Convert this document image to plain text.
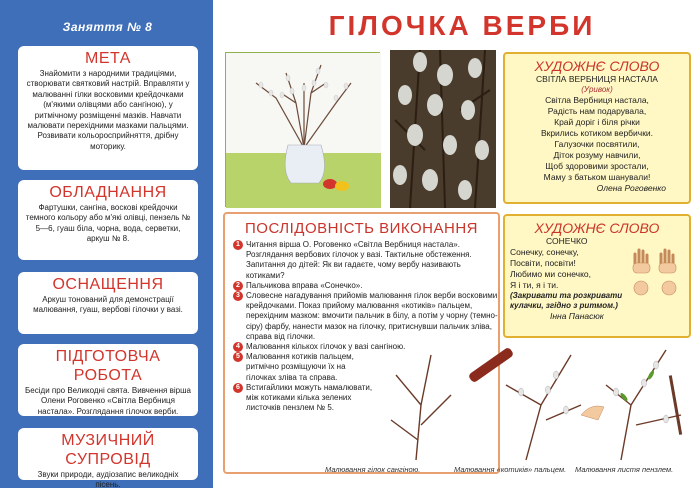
Заняття № 8
МЕТА

Знайомити з народними традиціями, створювати святковий настрій. Вправляти у малюванні гілки восковими крейдочками (м'якими олівцями або сангіною), у ритмічному розміщенні мазків. Навчати малювати перехідними мазками пальцями. Розвивати кольоросприйняття, дрібну моторику.

ОБЛАДНАННЯ

Фартушки, сангіна, воскові крейдочки темного кольору або м'які олівці, пензель № 5—6, гуаш біла, чорна, вода, серветки, аркуш № 8.

ОСНАЩЕННЯ

Аркуш тонований для демонстрації малювання, гуаш, вербові гілочки у вазі.

ПІДГОТОВЧА РОБОТА

Бесіди про Великодні свята. Вивчення вірша Олени Роговенко «Світла Вербниця настала». Розглядання гілочок верби.

МУЗИЧНИЙ СУПРОВІД

Звуки природи, аудіозапис великодніх пісень.

ГІЛОЧКА ВЕРБИ
ХУДОЖНЄ СЛОВО
СВІТЛА ВЕРБНИЦЯ НАСТАЛА
(Уривок)
Світла Вербниця настала,
Радість нам подарувала,
Край доріг і біля річки
Вкрились котиком вербички.
Галузочки посвятили,
Діток розуму навчили,
Щоб здоровими зростали,
Маму з батьком шанували!
Олена Роговенко
ХУДОЖНЄ СЛОВО
СОНЕЧКО
Сонечку, сонечку,
Посвіти, посвіти!
Любимо ми сонечко,
Я і ти, я і ти.
(Закривати та розкривати кулачки, згідно з ритмом.)
Інна Панасюк
ПОСЛІДОВНІСТЬ ВИКОНАННЯ
1 Читання вірша О. Роговенко «Світла Вербниця настала». Розглядання вербових гілочок у вазі. Тактильне обстеження. Запитання до дітей: Як ви гадаєте, чому вербу називають котиками?
2 Пальчикова вправа «Сонечко».
3 Словесне нагадування прийомів малювання гілок верби восковими крейдочками. Показ прийому малювання «котиків» пальцем, перехідним мазком: вмочити пальчик в білу, а потім у чорну (темно-сіру) фарбу, нанести мазок на гілочку, притиснувши пальчик зліва, справа від гілочки.
4 Малювання кількох гілочок у вазі сангіною.
5 Малювання котиків пальцем, ритмічно розміщуючи їх на гілочках зліва та справа.
6 Встигайлики можуть намалювати, між котиками кілька зелених листочків пензлем № 5.
Малювання гілок сангіною.	Малювання «котиків» пальцем. Малювання листя пензлем.
